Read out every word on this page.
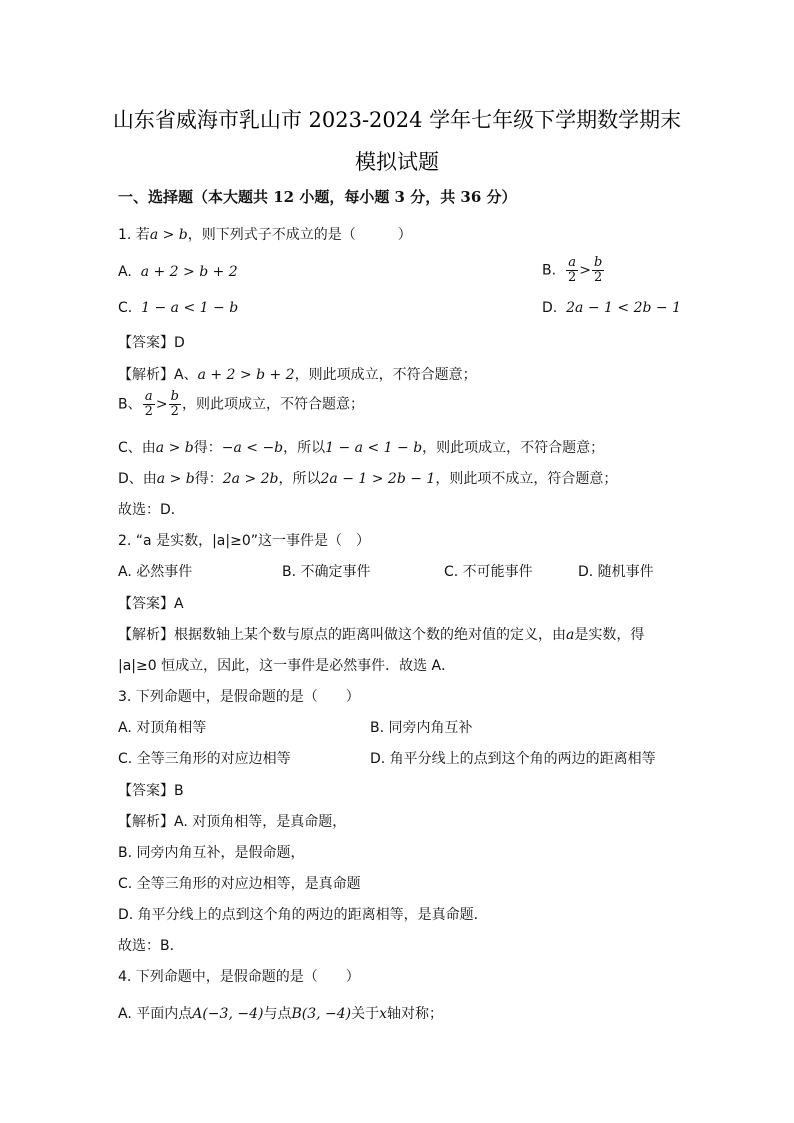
山东省威海市乳山市 2023-2024 学年七年级下学期数学期末
模拟试题
一、选择题（本大题共 12 小题，每小题 3 分，共 36 分）
1. 若a > b，则下列式子不成立的是（　　　）
A. a + 2 > b + 2	B. $\frac{a}{2} > \frac{b}{2}$
C. 1 − a < 1 − b	D. 2a − 1 < 2b − 1
【答案】D
【解析】A、a + 2 > b + 2，则此项成立，不符合题意；
B、 $\frac{a}{2} > \frac{b}{2}$ ，则此项成立，不符合题意；
C、由a > b得：−a < −b，所以1 − a < 1 − b，则此项成立，不符合题意；
D、由a > b得：2a > 2b，所以2a − 1 > 2b − 1，则此项不成立，符合题意；
故选：D．
2. “a 是实数，|a|≥0”这一事件是（　）
A. 必然事件	B. 不确定事件	C. 不可能事件	D. 随机事件
【答案】A
【解析】根据数轴上某个数与原点的距离叫做这个数的绝对值的定义，由a是实数，得
|a|≥0 恒成立，因此，这一事件是必然事件．故选 A．
3. 下列命题中，是假命题的是（　　）
A. 对顶角相等	B. 同旁内角互补
C. 全等三角形的对应边相等	D. 角平分线上的点到这个角的两边的距离相等
【答案】B
【解析】A. 对顶角相等，是真命题，
B. 同旁内角互补，是假命题，
C. 全等三角形的对应边相等，是真命题
D. 角平分线上的点到这个角的两边的距离相等，是真命题．
故选：B．
4. 下列命题中，是假命题的是（　　）
A. 平面内点A(−3, −4)与点B(3, −4)关于x轴对称；
